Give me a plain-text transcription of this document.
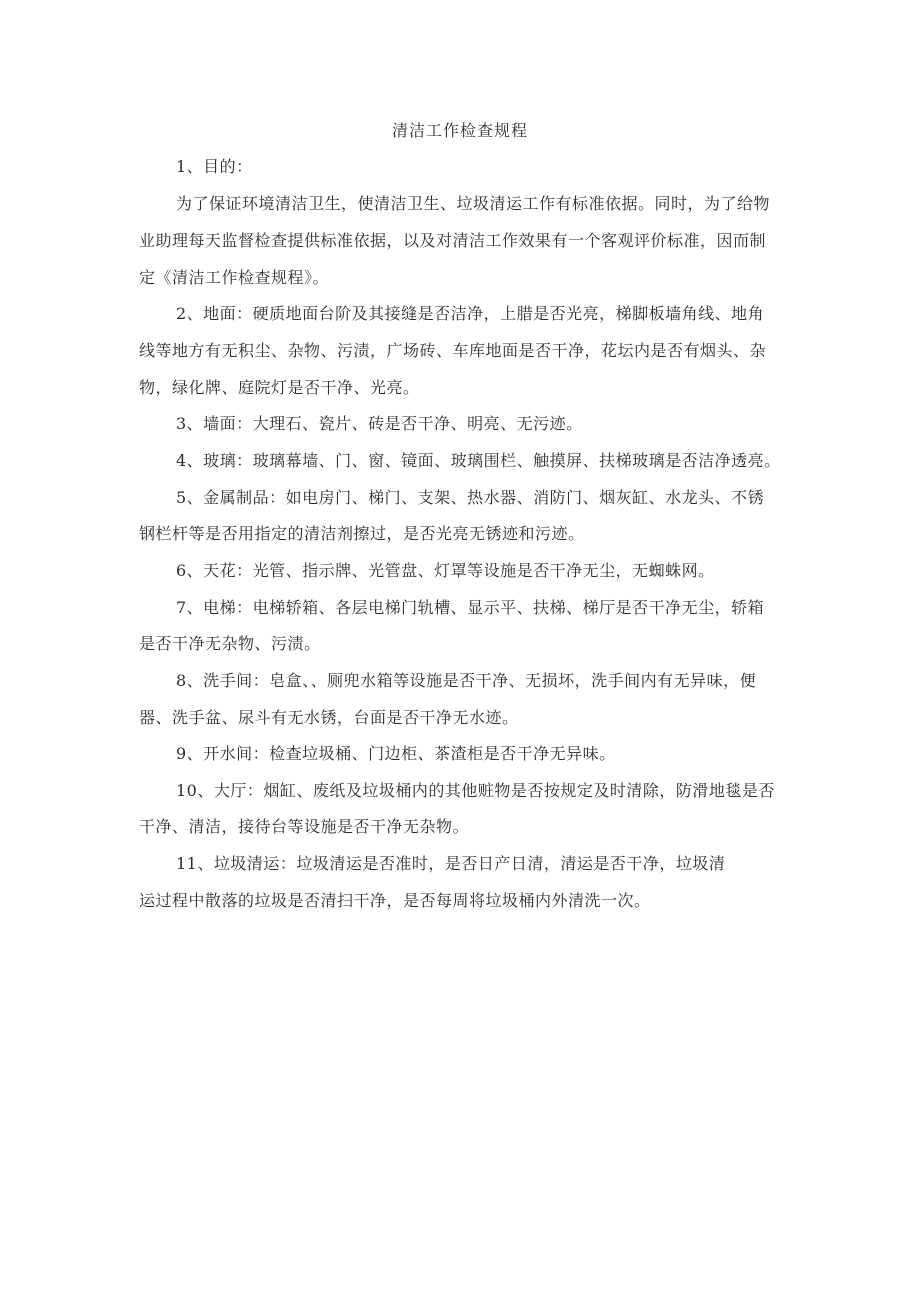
清洁工作检查规程
1、目的：
为了保证环境清洁卫生，使清洁卫生、垃圾清运工作有标准依据。同时，为了给物
业助理每天监督检查提供标准依据，以及对清洁工作效果有一个客观评价标准，因而制
定《清洁工作检查规程》。
2、地面：硬质地面台阶及其接缝是否洁净，上腊是否光亮，梯脚板墙角线、地角
线等地方有无积尘、杂物、污渍，广场砖、车库地面是否干净，花坛内是否有烟头、杂
物，绿化牌、庭院灯是否干净、光亮。
3、墙面：大理石、瓷片、砖是否干净、明亮、无污迹。
4、玻璃：玻璃幕墙、门、窗、镜面、玻璃围栏、触摸屏、扶梯玻璃是否洁净透亮。
5、金属制品：如电房门、梯门、支架、热水器、消防门、烟灰缸、水龙头、不锈
钢栏杆等是否用指定的清洁剂擦过，是否光亮无锈迹和污迹。
6、天花：光管、指示牌、光管盘、灯罩等设施是否干净无尘，无蜘蛛网。
7、电梯：电梯轿箱、各层电梯门轨槽、显示平、扶梯、梯厅是否干净无尘，轿箱
是否干净无杂物、污渍。
8、洗手间：皂盒、、厕兜水箱等设施是否干净、无损坏，洗手间内有无异味，便
器、洗手盆、尿斗有无水锈，台面是否干净无水迹。
9、开水间：检查垃圾桶、门边柜、茶渣柜是否干净无异味。
10、大厅：烟缸、废纸及垃圾桶内的其他赃物是否按规定及时清除，防滑地毯是否
干净、清洁，接待台等设施是否干净无杂物。
11、垃圾清运：垃圾清运是否准时，是否日产日清，清运是否干净，垃圾清
运过程中散落的垃圾是否清扫干净，是否每周将垃圾桶内外清洗一次。
